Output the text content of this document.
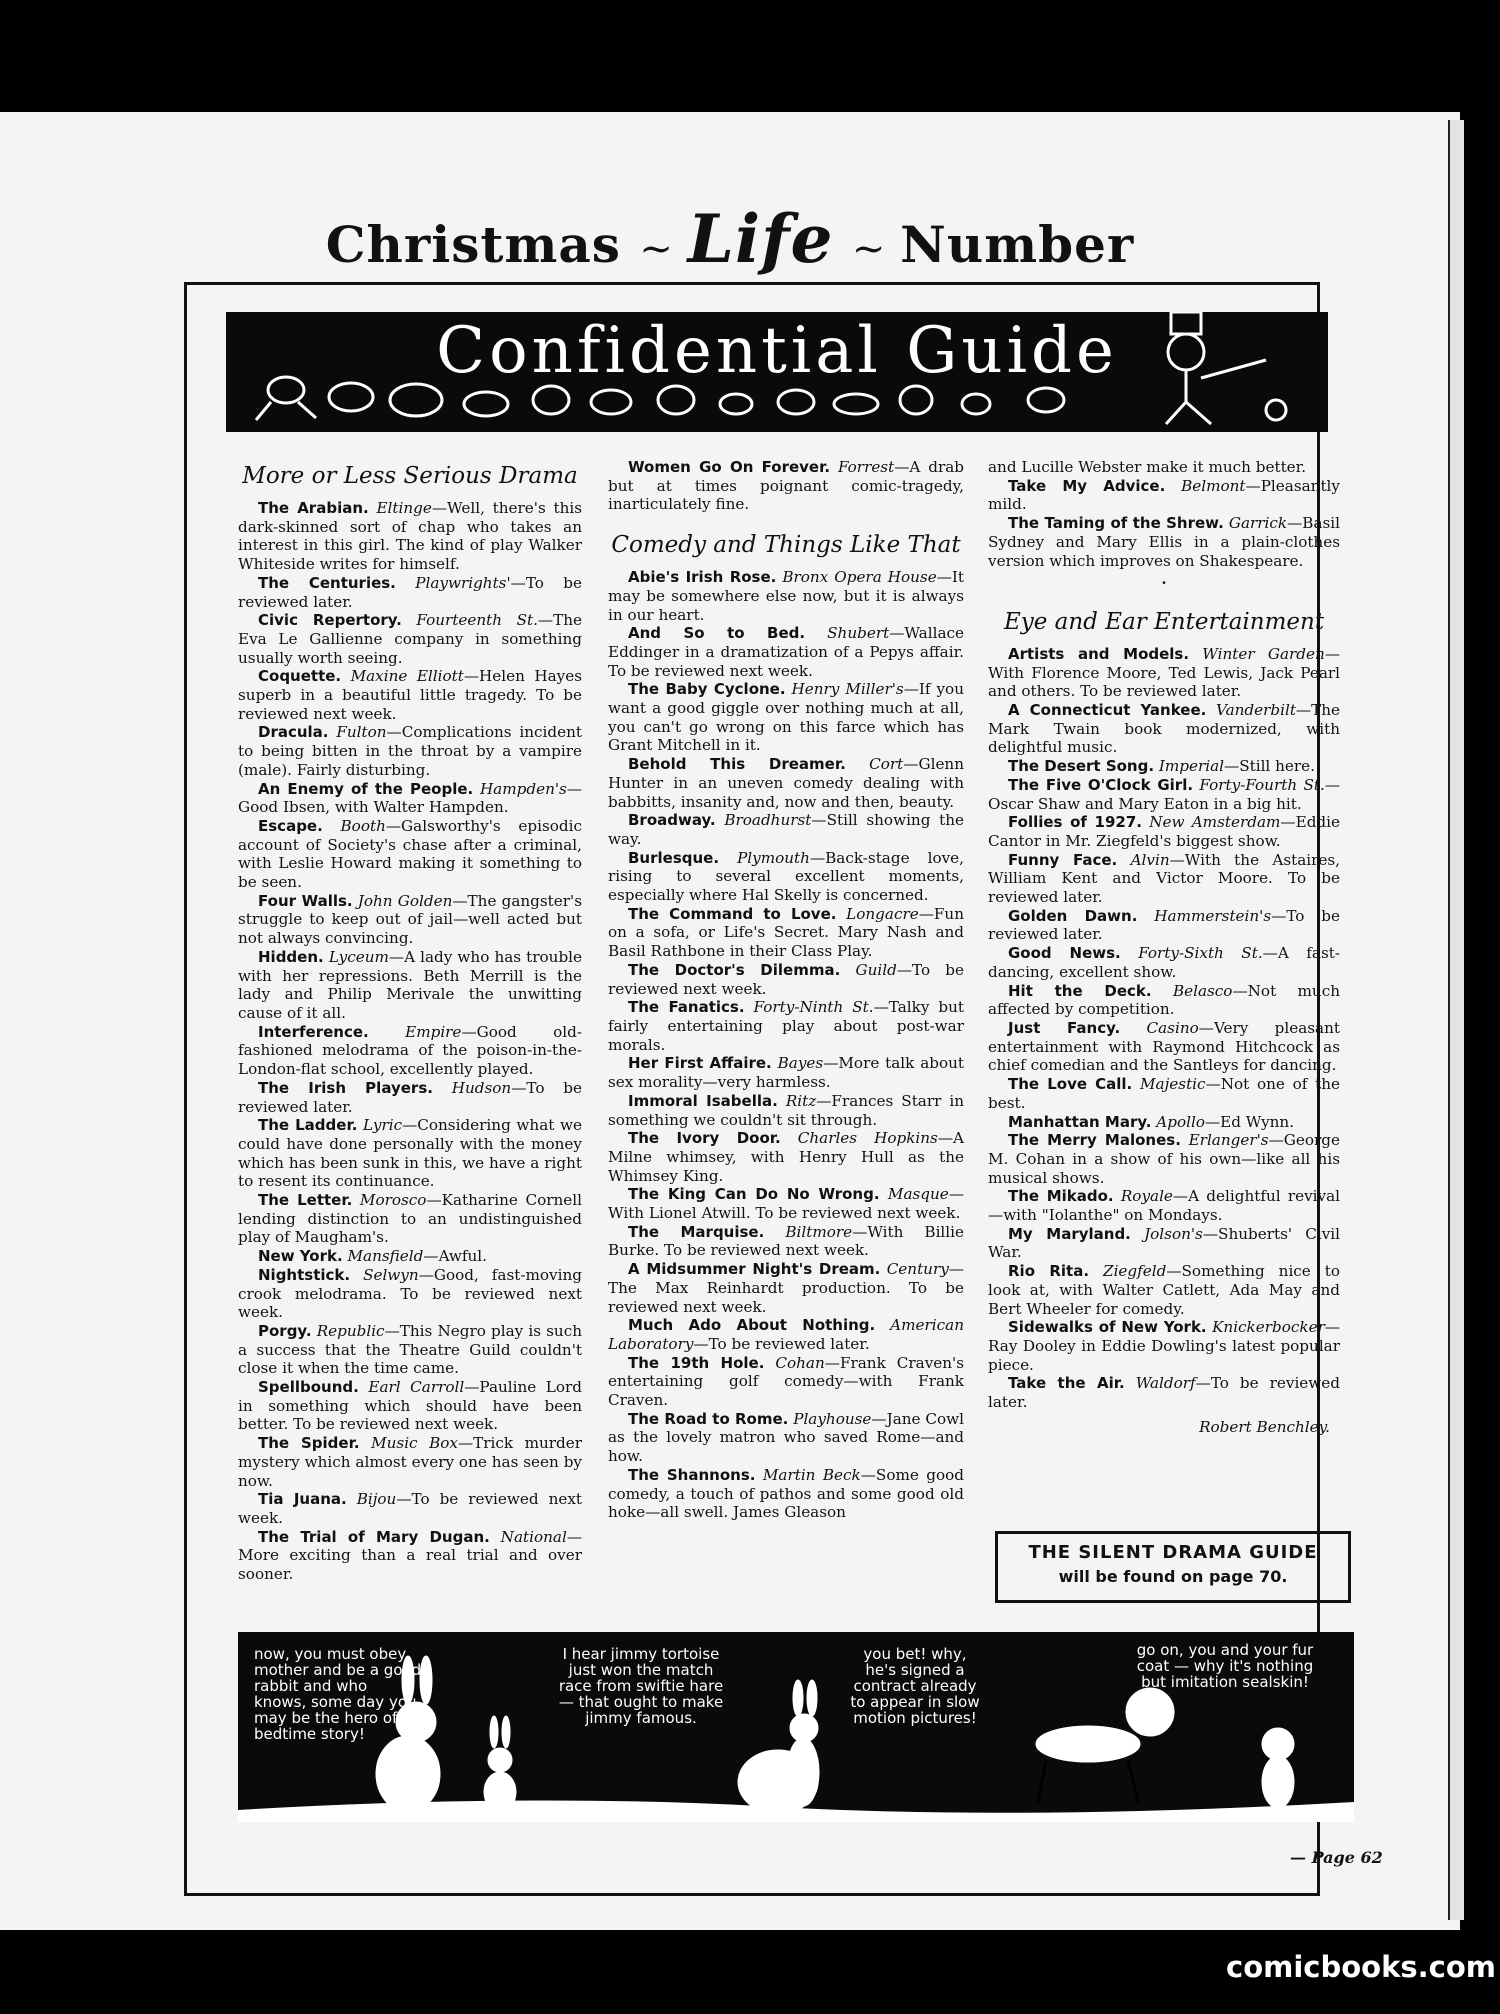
Christmas ~ Life ~ Number
Confidential Guide
More or Less Serious Drama

The Arabian. Eltinge—Well, there's this dark-skinned sort of chap who takes an interest in this girl. The kind of play Walker Whiteside writes for himself.

The Centuries. Playwrights'—To be reviewed later.

Civic Repertory. Fourteenth St.—The Eva Le Gallienne company in something usually worth seeing.

Coquette. Maxine Elliott—Helen Hayes superb in a beautiful little tragedy. To be reviewed next week.

Dracula. Fulton—Complications incident to being bitten in the throat by a vampire (male). Fairly disturbing.

An Enemy of the People. Hampden's—Good Ibsen, with Walter Hampden.

Escape. Booth—Galsworthy's episodic account of Society's chase after a criminal, with Leslie Howard making it something to be seen.

Four Walls. John Golden—The gangster's struggle to keep out of jail—well acted but not always convincing.

Hidden. Lyceum—A lady who has trouble with her repressions. Beth Merrill is the lady and Philip Merivale the unwitting cause of it all.

Interference. Empire—Good old-fashioned melodrama of the poison-in-the-London-flat school, excellently played.

The Irish Players. Hudson—To be reviewed later.

The Ladder. Lyric—Considering what we could have done personally with the money which has been sunk in this, we have a right to resent its continuance.

The Letter. Morosco—Katharine Cornell lending distinction to an undistinguished play of Maugham's.

New York. Mansfield—Awful.

Nightstick. Selwyn—Good, fast-moving crook melodrama. To be reviewed next week.

Porgy. Republic—This Negro play is such a success that the Theatre Guild couldn't close it when the time came.

Spellbound. Earl Carroll—Pauline Lord in something which should have been better. To be reviewed next week.

The Spider. Music Box—Trick murder mystery which almost every one has seen by now.

Tia Juana. Bijou—To be reviewed next week.

The Trial of Mary Dugan. National—More exciting than a real trial and over sooner.

Women Go On Forever. Forrest—A drab but at times poignant comic-tragedy, inarticulately fine.

Comedy and Things Like That

Abie's Irish Rose. Bronx Opera House—It may be somewhere else now, but it is always in our heart.

And So to Bed. Shubert—Wallace Eddinger in a dramatization of a Pepys affair. To be reviewed next week.

The Baby Cyclone. Henry Miller's—If you want a good giggle over nothing much at all, you can't go wrong on this farce which has Grant Mitchell in it.

Behold This Dreamer. Cort—Glenn Hunter in an uneven comedy dealing with babbitts, insanity and, now and then, beauty.

Broadway. Broadhurst—Still showing the way.

Burlesque. Plymouth—Back-stage love, rising to several excellent moments, especially where Hal Skelly is concerned.

The Command to Love. Longacre—Fun on a sofa, or Life's Secret. Mary Nash and Basil Rathbone in their Class Play.

The Doctor's Dilemma. Guild—To be reviewed next week.

The Fanatics. Forty-Ninth St.—Talky but fairly entertaining play about post-war morals.

Her First Affaire. Bayes—More talk about sex morality—very harmless.

Immoral Isabella. Ritz—Frances Starr in something we couldn't sit through.

The Ivory Door. Charles Hopkins—A Milne whimsey, with Henry Hull as the Whimsey King.

The King Can Do No Wrong. Masque—With Lionel Atwill. To be reviewed next week.

The Marquise. Biltmore—With Billie Burke. To be reviewed next week.

A Midsummer Night's Dream. Century—The Max Reinhardt production. To be reviewed next week.

Much Ado About Nothing. American Laboratory—To be reviewed later.

The 19th Hole. Cohan—Frank Craven's entertaining golf comedy—with Frank Craven.

The Road to Rome. Playhouse—Jane Cowl as the lovely matron who saved Rome—and how.

The Shannons. Martin Beck—Some good comedy, a touch of pathos and some good old hoke—all swell. James Gleason

and Lucille Webster make it much better.

Take My Advice. Belmont—Pleasantly mild.

The Taming of the Shrew. Garrick—Basil Sydney and Mary Ellis in a plain-clothes version which improves on Shakespeare.

·
Eye and Ear Entertainment

Artists and Models. Winter Garden—With Florence Moore, Ted Lewis, Jack Pearl and others. To be reviewed later.

A Connecticut Yankee. Vanderbilt—The Mark Twain book modernized, with delightful music.

The Desert Song. Imperial—Still here.

The Five O'Clock Girl. Forty-Fourth St.—Oscar Shaw and Mary Eaton in a big hit.

Follies of 1927. New Amsterdam—Eddie Cantor in Mr. Ziegfeld's biggest show.

Funny Face. Alvin—With the Astaires, William Kent and Victor Moore. To be reviewed later.

Golden Dawn. Hammerstein's—To be reviewed later.

Good News. Forty-Sixth St.—A fast-dancing, excellent show.

Hit the Deck. Belasco—Not much affected by competition.

Just Fancy. Casino—Very pleasant entertainment with Raymond Hitchcock as chief comedian and the Santleys for dancing.

The Love Call. Majestic—Not one of the best.

Manhattan Mary. Apollo—Ed Wynn.

The Merry Malones. Erlanger's—George M. Cohan in a show of his own—like all his musical shows.

The Mikado. Royale—A delightful revival—with "Iolanthe" on Mondays.

My Maryland. Jolson's—Shuberts' Civil War.

Rio Rita. Ziegfeld—Something nice to look at, with Walter Catlett, Ada May and Bert Wheeler for comedy.

Sidewalks of New York. Knickerbocker—Ray Dooley in Eddie Dowling's latest popular piece.

Take the Air. Waldorf—To be reviewed later.

Robert Benchley.
THE SILENT DRAMA GUIDE
will be found on page 70.
now, you must obey mother and be a good rabbit and who knows, some day you may be the hero of a bedtime story!
I hear jimmy tortoise just won the match race from swiftie hare — that ought to make jimmy famous.
you bet! why, he's signed a contract already to appear in slow motion pictures!
go on, you and your fur coat — why it's nothing but imitation sealskin!
— Page 62
comicbooks.com
